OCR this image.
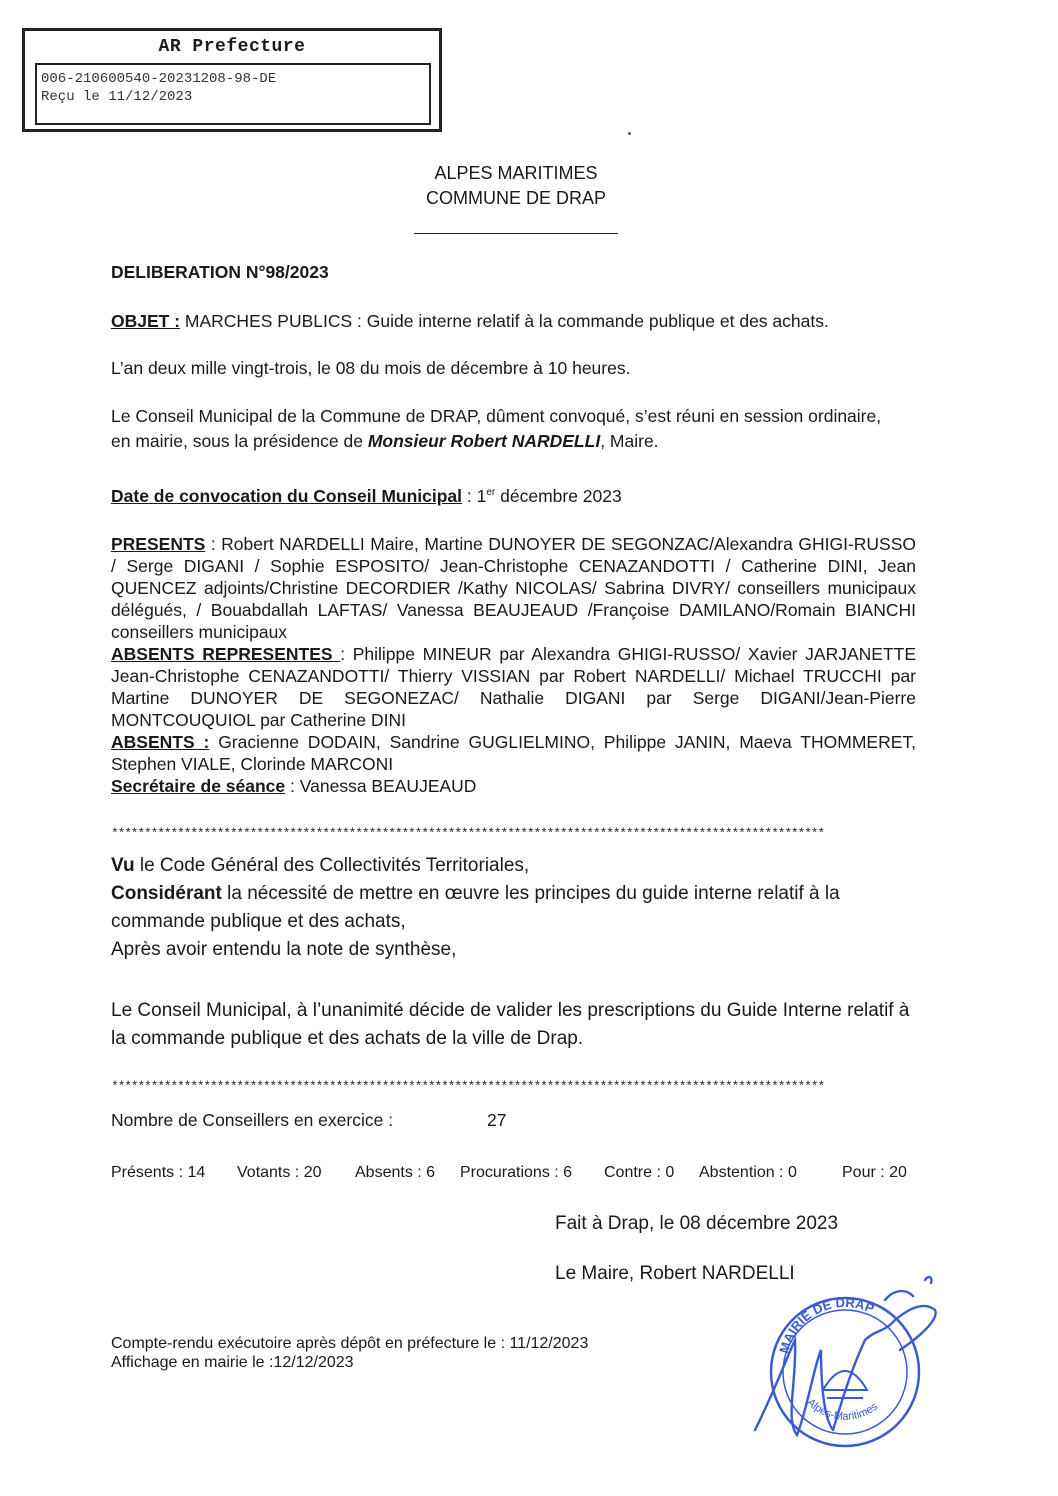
AR Prefecture
006-210600540-20231208-98-DE
Reçu le 11/12/2023
ALPES MARITIMES
COMMUNE DE DRAP
DELIBERATION N°98/2023
OBJET : MARCHES PUBLICS : Guide interne relatif à la commande publique et des achats.
L’an deux mille vingt-trois, le 08 du mois de décembre à 10 heures.
Le Conseil Municipal de la Commune de DRAP, dûment convoqué, s’est réuni en session ordinaire, en mairie, sous la présidence de Monsieur Robert NARDELLI, Maire.
Date de convocation du Conseil Municipal : 1er décembre 2023
PRESENTS : Robert NARDELLI Maire, Martine DUNOYER DE SEGONZAC/Alexandra GHIGI-RUSSO / Serge DIGANI / Sophie ESPOSITO/ Jean-Christophe CENAZANDOTTI / Catherine DINI, Jean QUENCEZ adjoints/Christine DECORDIER /Kathy NICOLAS/ Sabrina DIVRY/ conseillers municipaux délégués, / Bouabdallah LAFTAS/ Vanessa BEAUJEAUD /Françoise DAMILANO/Romain BIANCHI conseillers municipaux
ABSENTS REPRESENTES : Philippe MINEUR par Alexandra GHIGI-RUSSO/ Xavier JARJANETTE Jean-Christophe CENAZANDOTTI/ Thierry VISSIAN par Robert NARDELLI/ Michael TRUCCHI par Martine DUNOYER DE SEGONEZAC/ Nathalie DIGANI par Serge DIGANI/Jean-Pierre MONTCOUQUIOL par Catherine DINI
ABSENTS : Gracienne DODAIN, Sandrine GUGLIELMINO, Philippe JANIN, Maeva THOMMERET, Stephen VIALE, Clorinde MARCONI
Secrétaire de séance : Vanessa BEAUJEAUD
************************************************************************************************************
Vu le Code Général des Collectivités Territoriales,
Considérant la nécessité de mettre en œuvre les principes du guide interne relatif à la commande publique et des achats,
Après avoir entendu la note de synthèse,
Le Conseil Municipal, à l’unanimité décide de valider les prescriptions du Guide Interne relatif à la commande publique et des achats de la ville de Drap.
************************************************************************************************************
Nombre de Conseillers en exercice :	27
Présents : 14 Votants : 20 Absents : 6 Procurations : 6 Contre : 0 Abstention : 0	Pour : 20
Fait à Drap, le 08 décembre 2023
Le Maire, Robert NARDELLI
MAIRIE DE DRAP
Alpes-Maritimes
Compte-rendu exécutoire après dépôt en préfecture le : 11/12/2023
Affichage en mairie le :12/12/2023
